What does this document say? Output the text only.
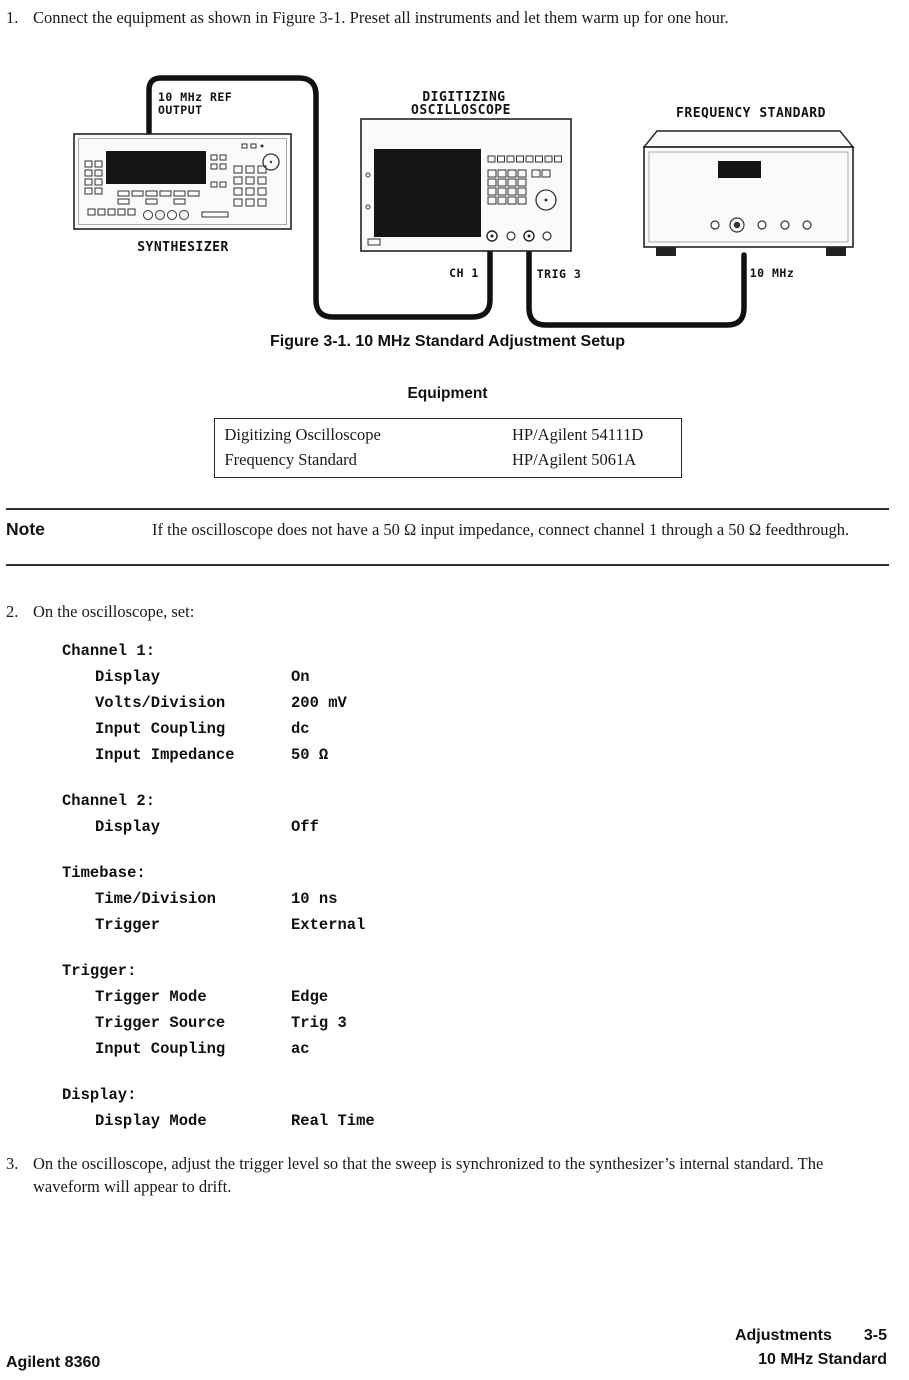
1. Connect the equipment as shown in Figure 3-1. Preset all instruments and let them warm up for one hour.
10 MHz REF
OUTPUT
DIGITIZING
OSCILLOSCOPE	FREQUENCY STANDARD
SYNTHESIZER
CH 1	TRIG 3	10 MHz
Figure 3-1. 10 MHz Standard Adjustment Setup
Equipment
Digitizing Oscilloscope	HP/Agilent 54111D
Frequency Standard	HP/Agilent 5061A
Note	If the oscilloscope does not have a 50 Ω input impedance, connect channel 1 through a 50 Ω feedthrough.
2. On the oscilloscope, set:
Channel 1:
Display	On
Volts/Division	200 mV
Input Coupling	dc
Input Impedance	50 Ω
Channel 2:
Display	Off
Timebase:
Time/Division	10 ns
Trigger	External
Trigger:
Trigger Mode	Edge
Trigger Source	Trig 3
Input Coupling	ac
Display:
Display Mode	Real Time
3. On the oscilloscope, adjust the trigger level so that the sweep is synchronized to the synthesizer’s internal standard. The waveform will appear to drift.
Agilent 8360
Adjustments 3-5
10 MHz Standard
